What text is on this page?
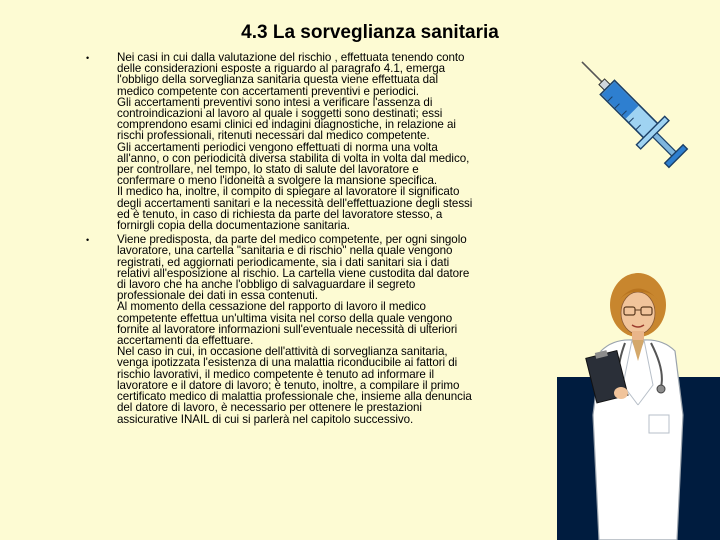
4.3 La sorveglianza sanitaria
• Nei casi in cui dalla valutazione del rischio , effettuata tenendo conto
delle considerazioni esposte a riguardo al paragrafo 4.1, emerga
l'obbligo della sorveglianza sanitaria questa viene effettuata dal
medico competente con accertamenti preventivi e periodici.
Gli accertamenti preventivi sono intesi a verificare l'assenza di
controindicazioni al lavoro al quale i soggetti sono destinati; essi
comprendono esami clinici ed indagini diagnostiche, in relazione ai
rischi professionali, ritenuti necessari dal medico competente.
Gli accertamenti periodici vengono effettuati di norma una volta
all'anno, o con periodicità diversa stabilita di volta in volta dal medico,
per controllare, nel tempo, lo stato di salute del lavoratore e
confermare o meno l'idoneità a svolgere la mansione specifica.
Il medico ha, inoltre, il compito di spiegare al lavoratore il significato
degli accertamenti sanitari e la necessità dell'effettuazione degli stessi
ed è tenuto, in caso di richiesta da parte del lavoratore stesso, a
fornirgli copia della documentazione sanitaria.
• Viene predisposta, da parte del medico competente, per ogni singolo
lavoratore, una cartella "sanitaria e di rischio" nella quale vengono
registrati, ed aggiornati periodicamente, sia i dati sanitari sia i dati
relativi all'esposizione al rischio. La cartella viene custodita dal datore
di lavoro che ha anche l'obbligo di salvaguardare il segreto
professionale dei dati in essa contenuti.
Al momento della cessazione del rapporto di lavoro il medico
competente effettua un'ultima visita nel corso della quale vengono
fornite al lavoratore informazioni sull'eventuale necessità di ulteriori
accertamenti da effettuare.
Nel caso in cui, in occasione dell'attività di sorveglianza sanitaria,
venga ipotizzata l'esistenza di una malattia riconducibile ai fattori di
rischio lavorativi, il medico competente è tenuto ad informare il
lavoratore e il datore di lavoro; è tenuto, inoltre, a compilare il primo
certificato medico di malattia professionale che, insieme alla denuncia
del datore di lavoro, è necessario per ottenere le prestazioni
assicurative INAIL di cui si parlerà nel capitolo successivo.
